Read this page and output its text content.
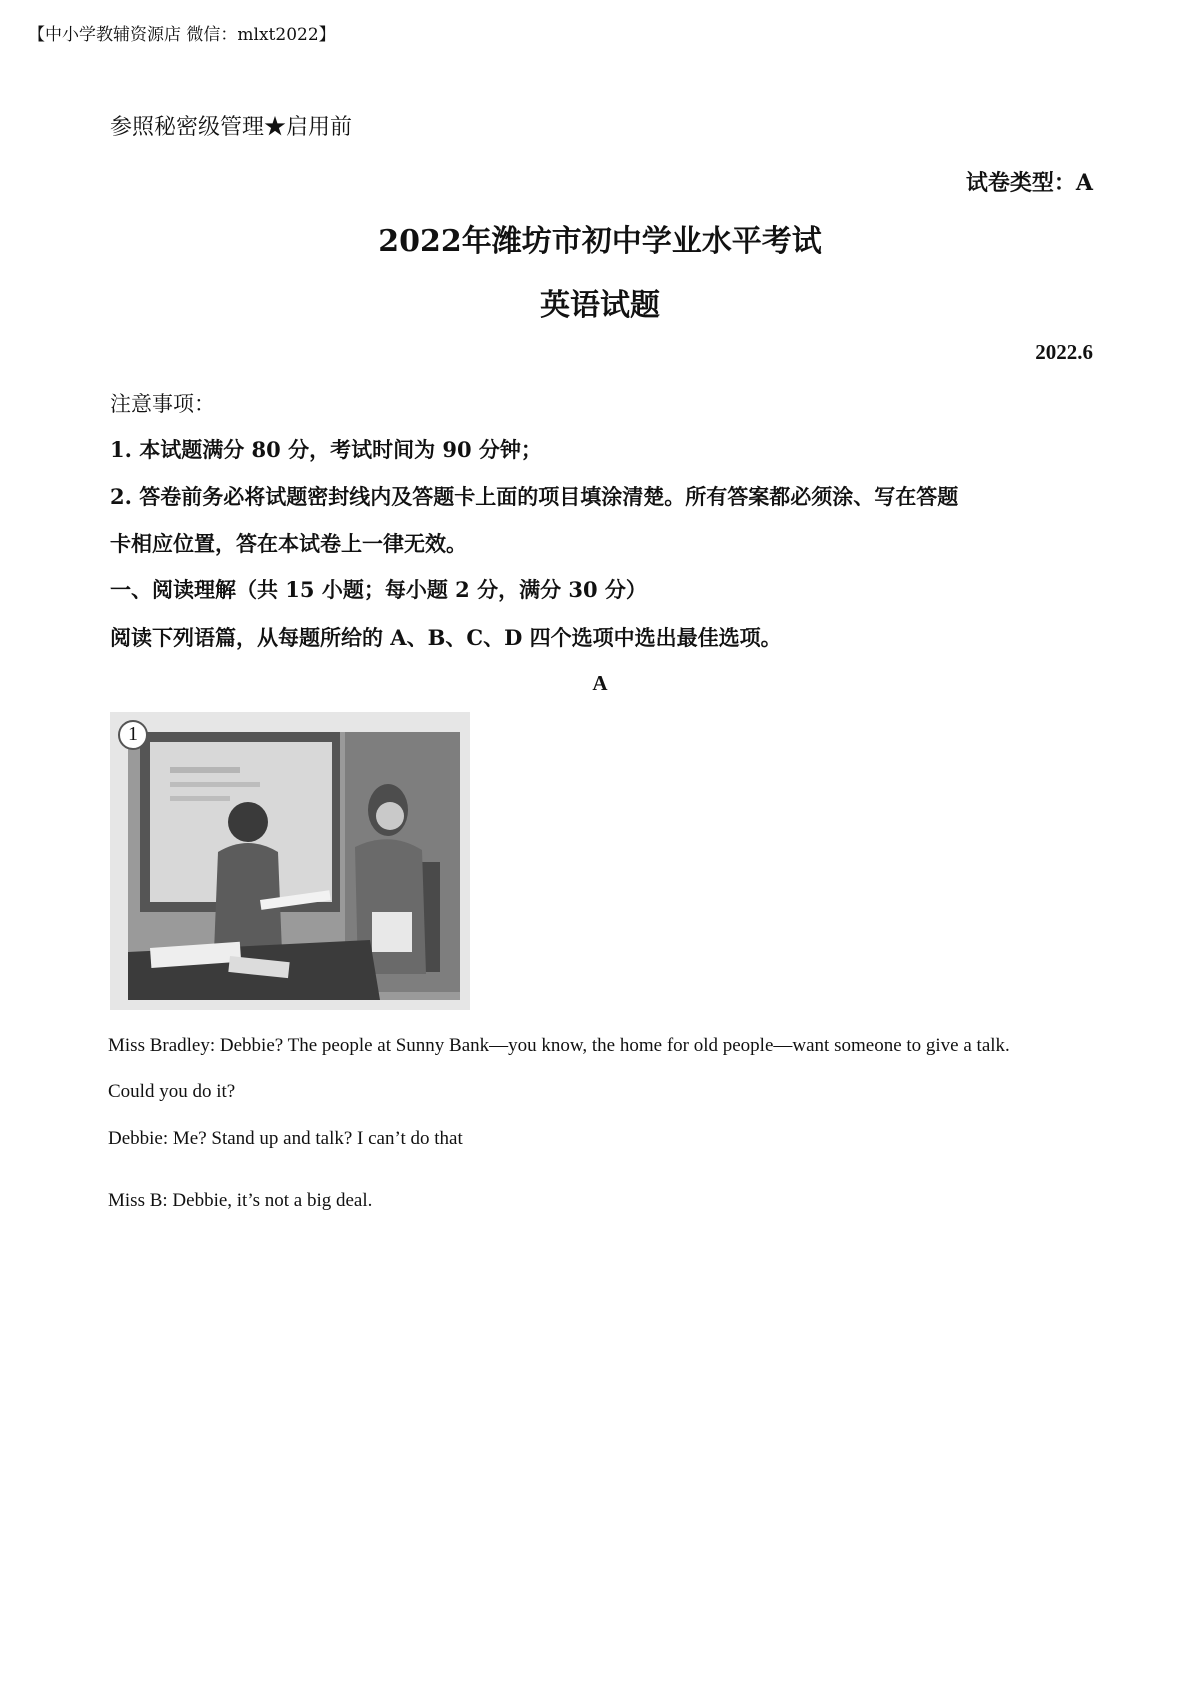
【中小学教辅资源店 微信：mlxt2022】
参照秘密级管理★启用前
试卷类型：A
2022年潍坊市初中学业水平考试
英语试题
2022.6
注意事项：
1. 本试题满分 80 分，考试时间为 90 分钟；
2. 答卷前务必将试题密封线内及答题卡上面的项目填涂清楚。所有答案都必须涂、写在答题
卡相应位置，答在本试卷上一律无效。
一、阅读理解（共 15 小题；每小题 2 分，满分 30 分）
阅读下列语篇，从每题所给的 A、B、C、D 四个选项中选出最佳选项。
A
1
Miss Bradley: Debbie? The people at Sunny Bank—you know, the home for old people—want someone to give a talk.
Could you do it?
Debbie: Me? Stand up and talk? I can’t do that
Miss B: Debbie, it’s not a big deal.
